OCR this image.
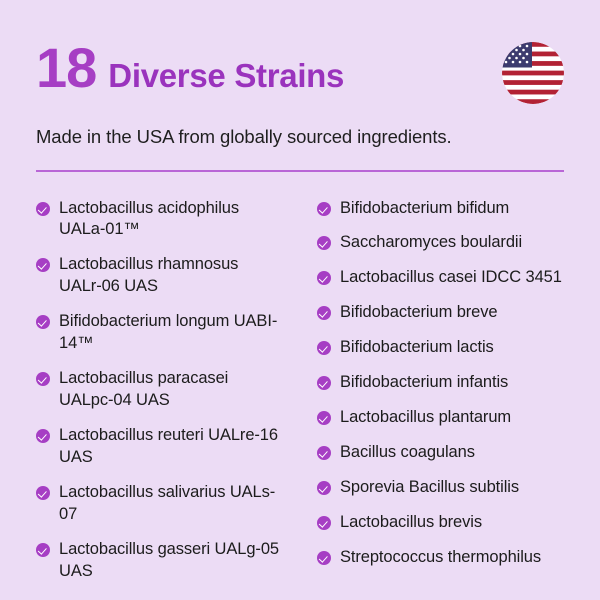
18 Diverse Strains
Made in the USA from globally sourced ingredients.
Lactobacillus acidophilus UALa-01™
Lactobacillus rhamnosus UALr-06 UAS
Bifidobacterium longum UABI-14™
Lactobacillus paracasei UALpc-04 UAS
Lactobacillus reuteri UALre-16 UAS
Lactobacillus salivarius UALs-07
Lactobacillus gasseri UALg-05 UAS
Bifidobacterium bifidum
Saccharomyces boulardii
Lactobacillus casei IDCC 3451
Bifidobacterium breve
Bifidobacterium lactis
Bifidobacterium infantis
Lactobacillus plantarum
Bacillus coagulans
Sporevia Bacillus subtilis
Lactobacillus brevis
Streptococcus thermophilus
